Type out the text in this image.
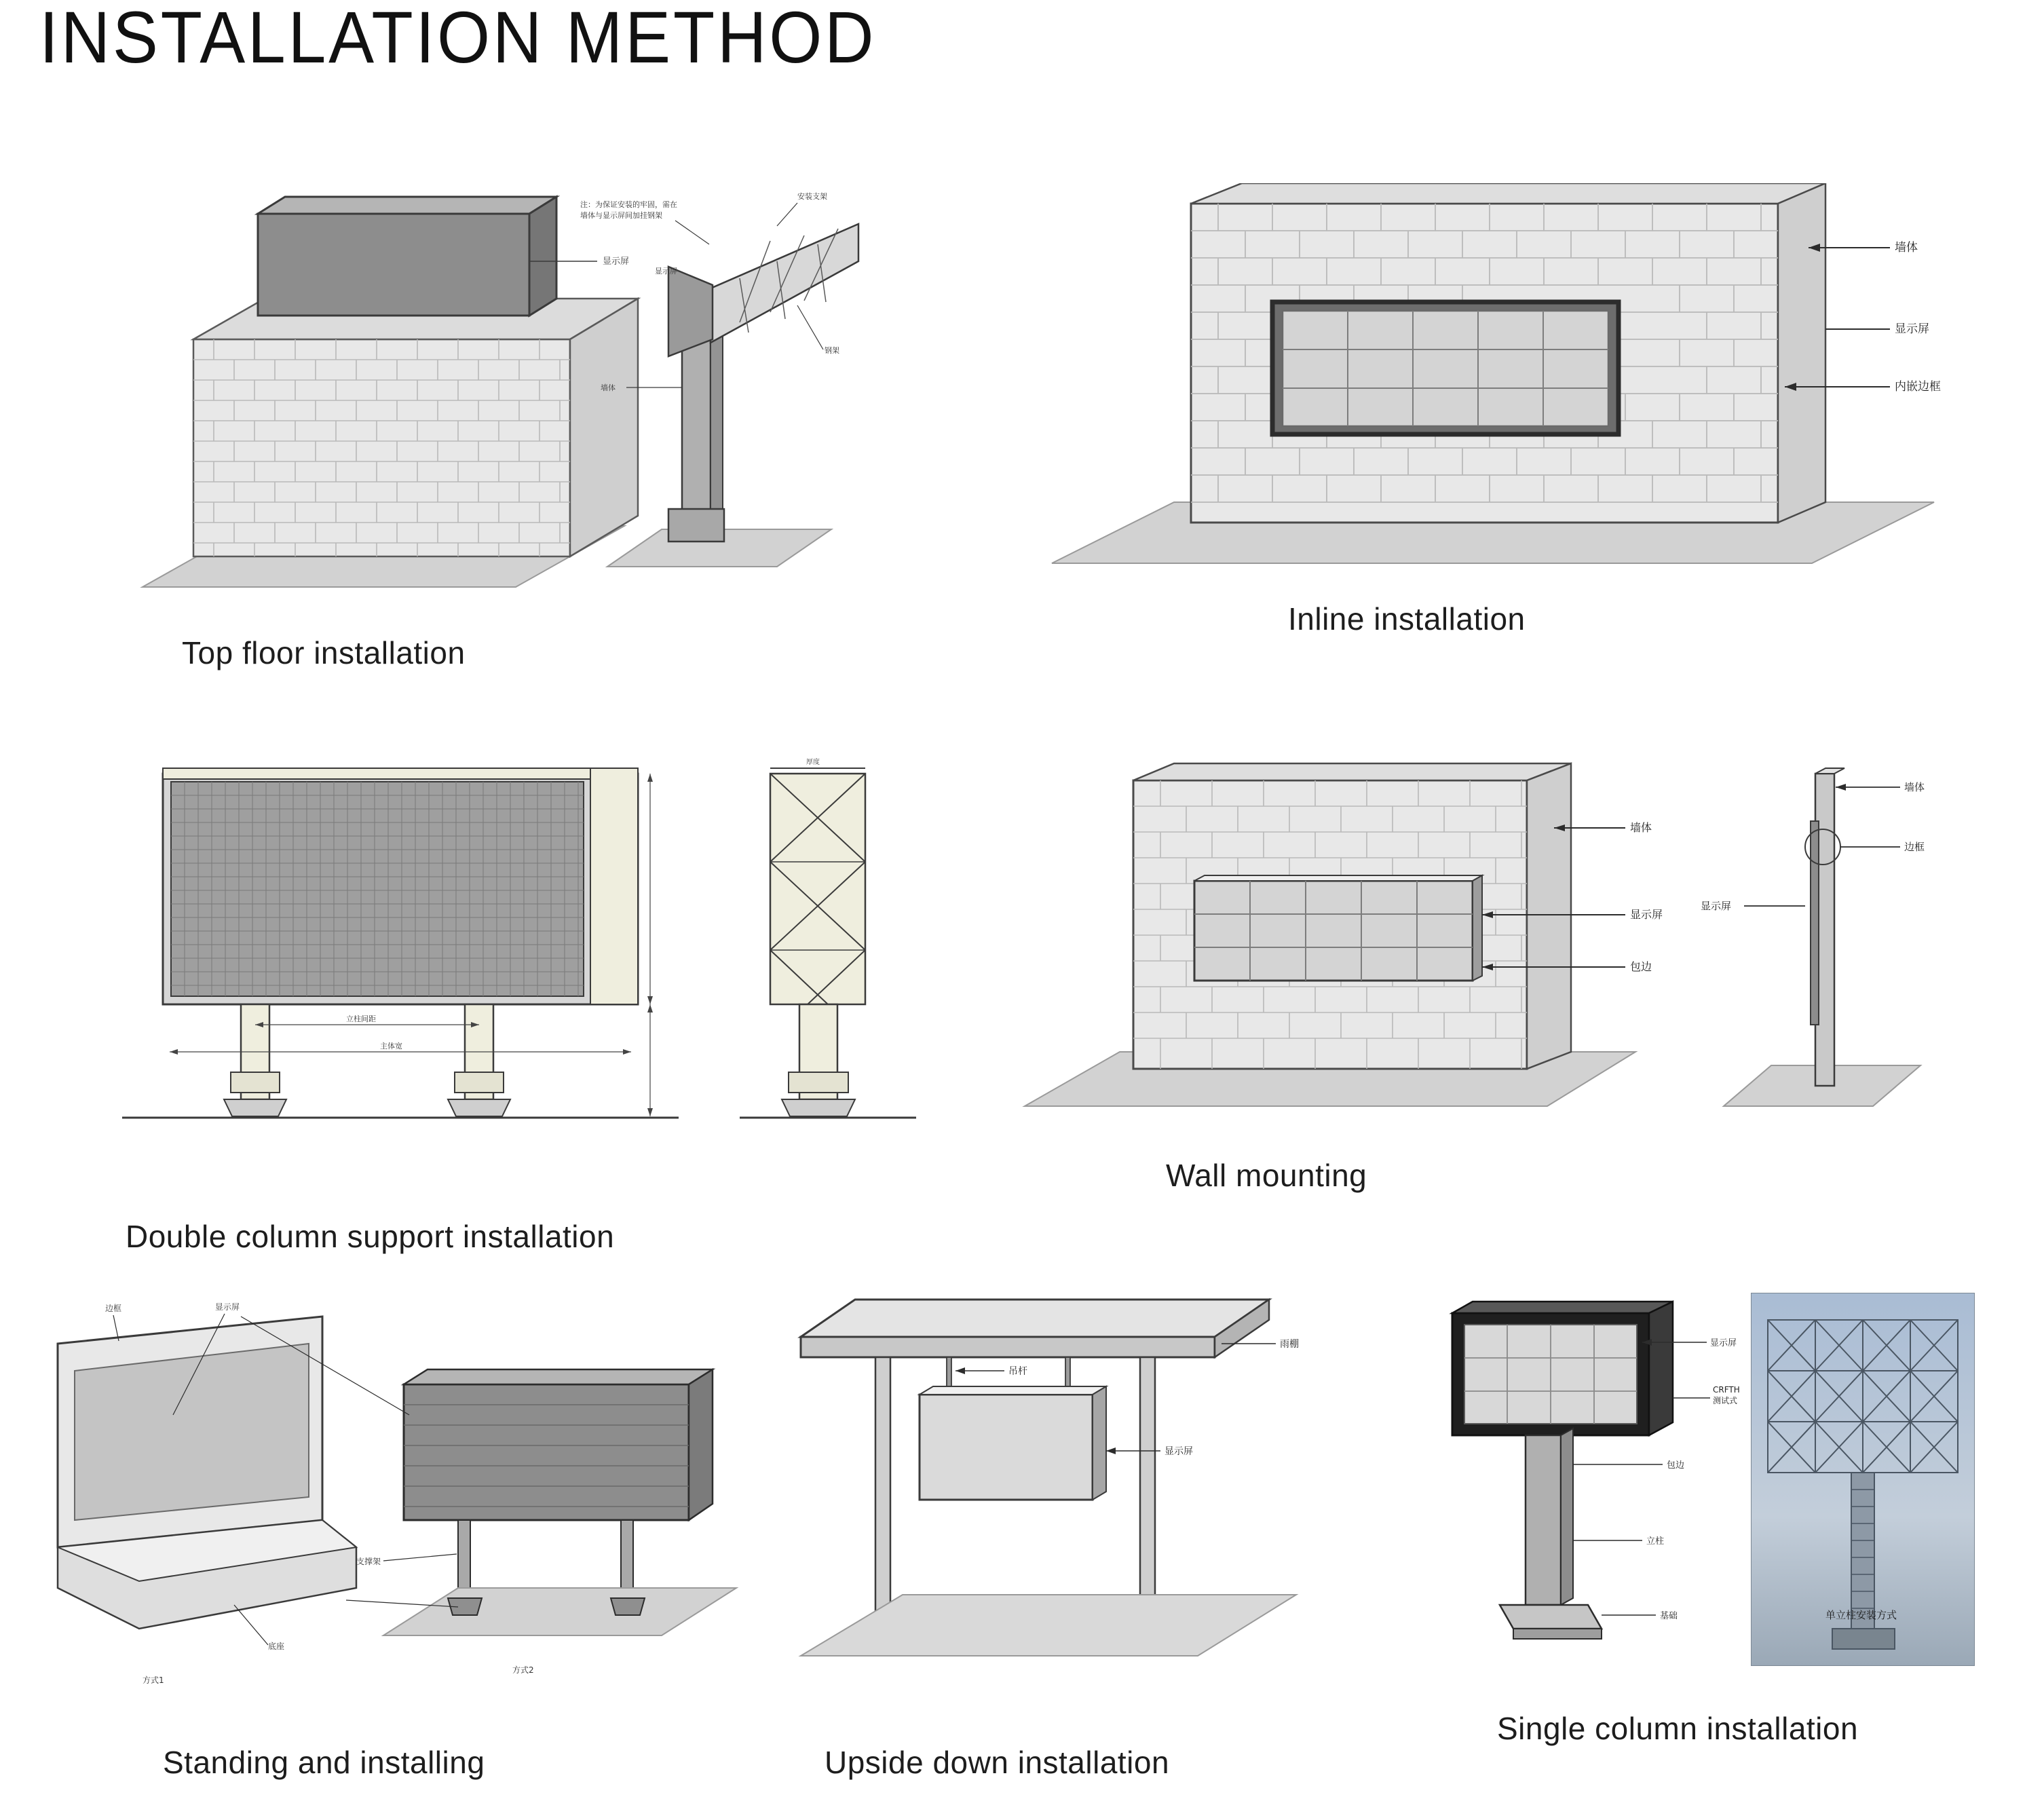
INSTALLATION METHOD
显示屏
注：为保证安装的牢固，需在
墙体与显示屏间加挂钢架
安装支架
显示屏
墙体
钢架
Top floor installation
墙体
显示屏
内嵌边框
Inline installation
立柱间距
主体宽
厚度
Double column support installation
墙体
显示屏
包边
墙体
边框
显示屏
Wall mounting
边框	显示屏
底座
方式1
支撑架
方式2
Standing and installing
吊杆
雨棚
显示屏
Upside down installation
显示屏
CRFTH
测试式
包边
立柱
基础	单立柱安装方式
Single column installation
